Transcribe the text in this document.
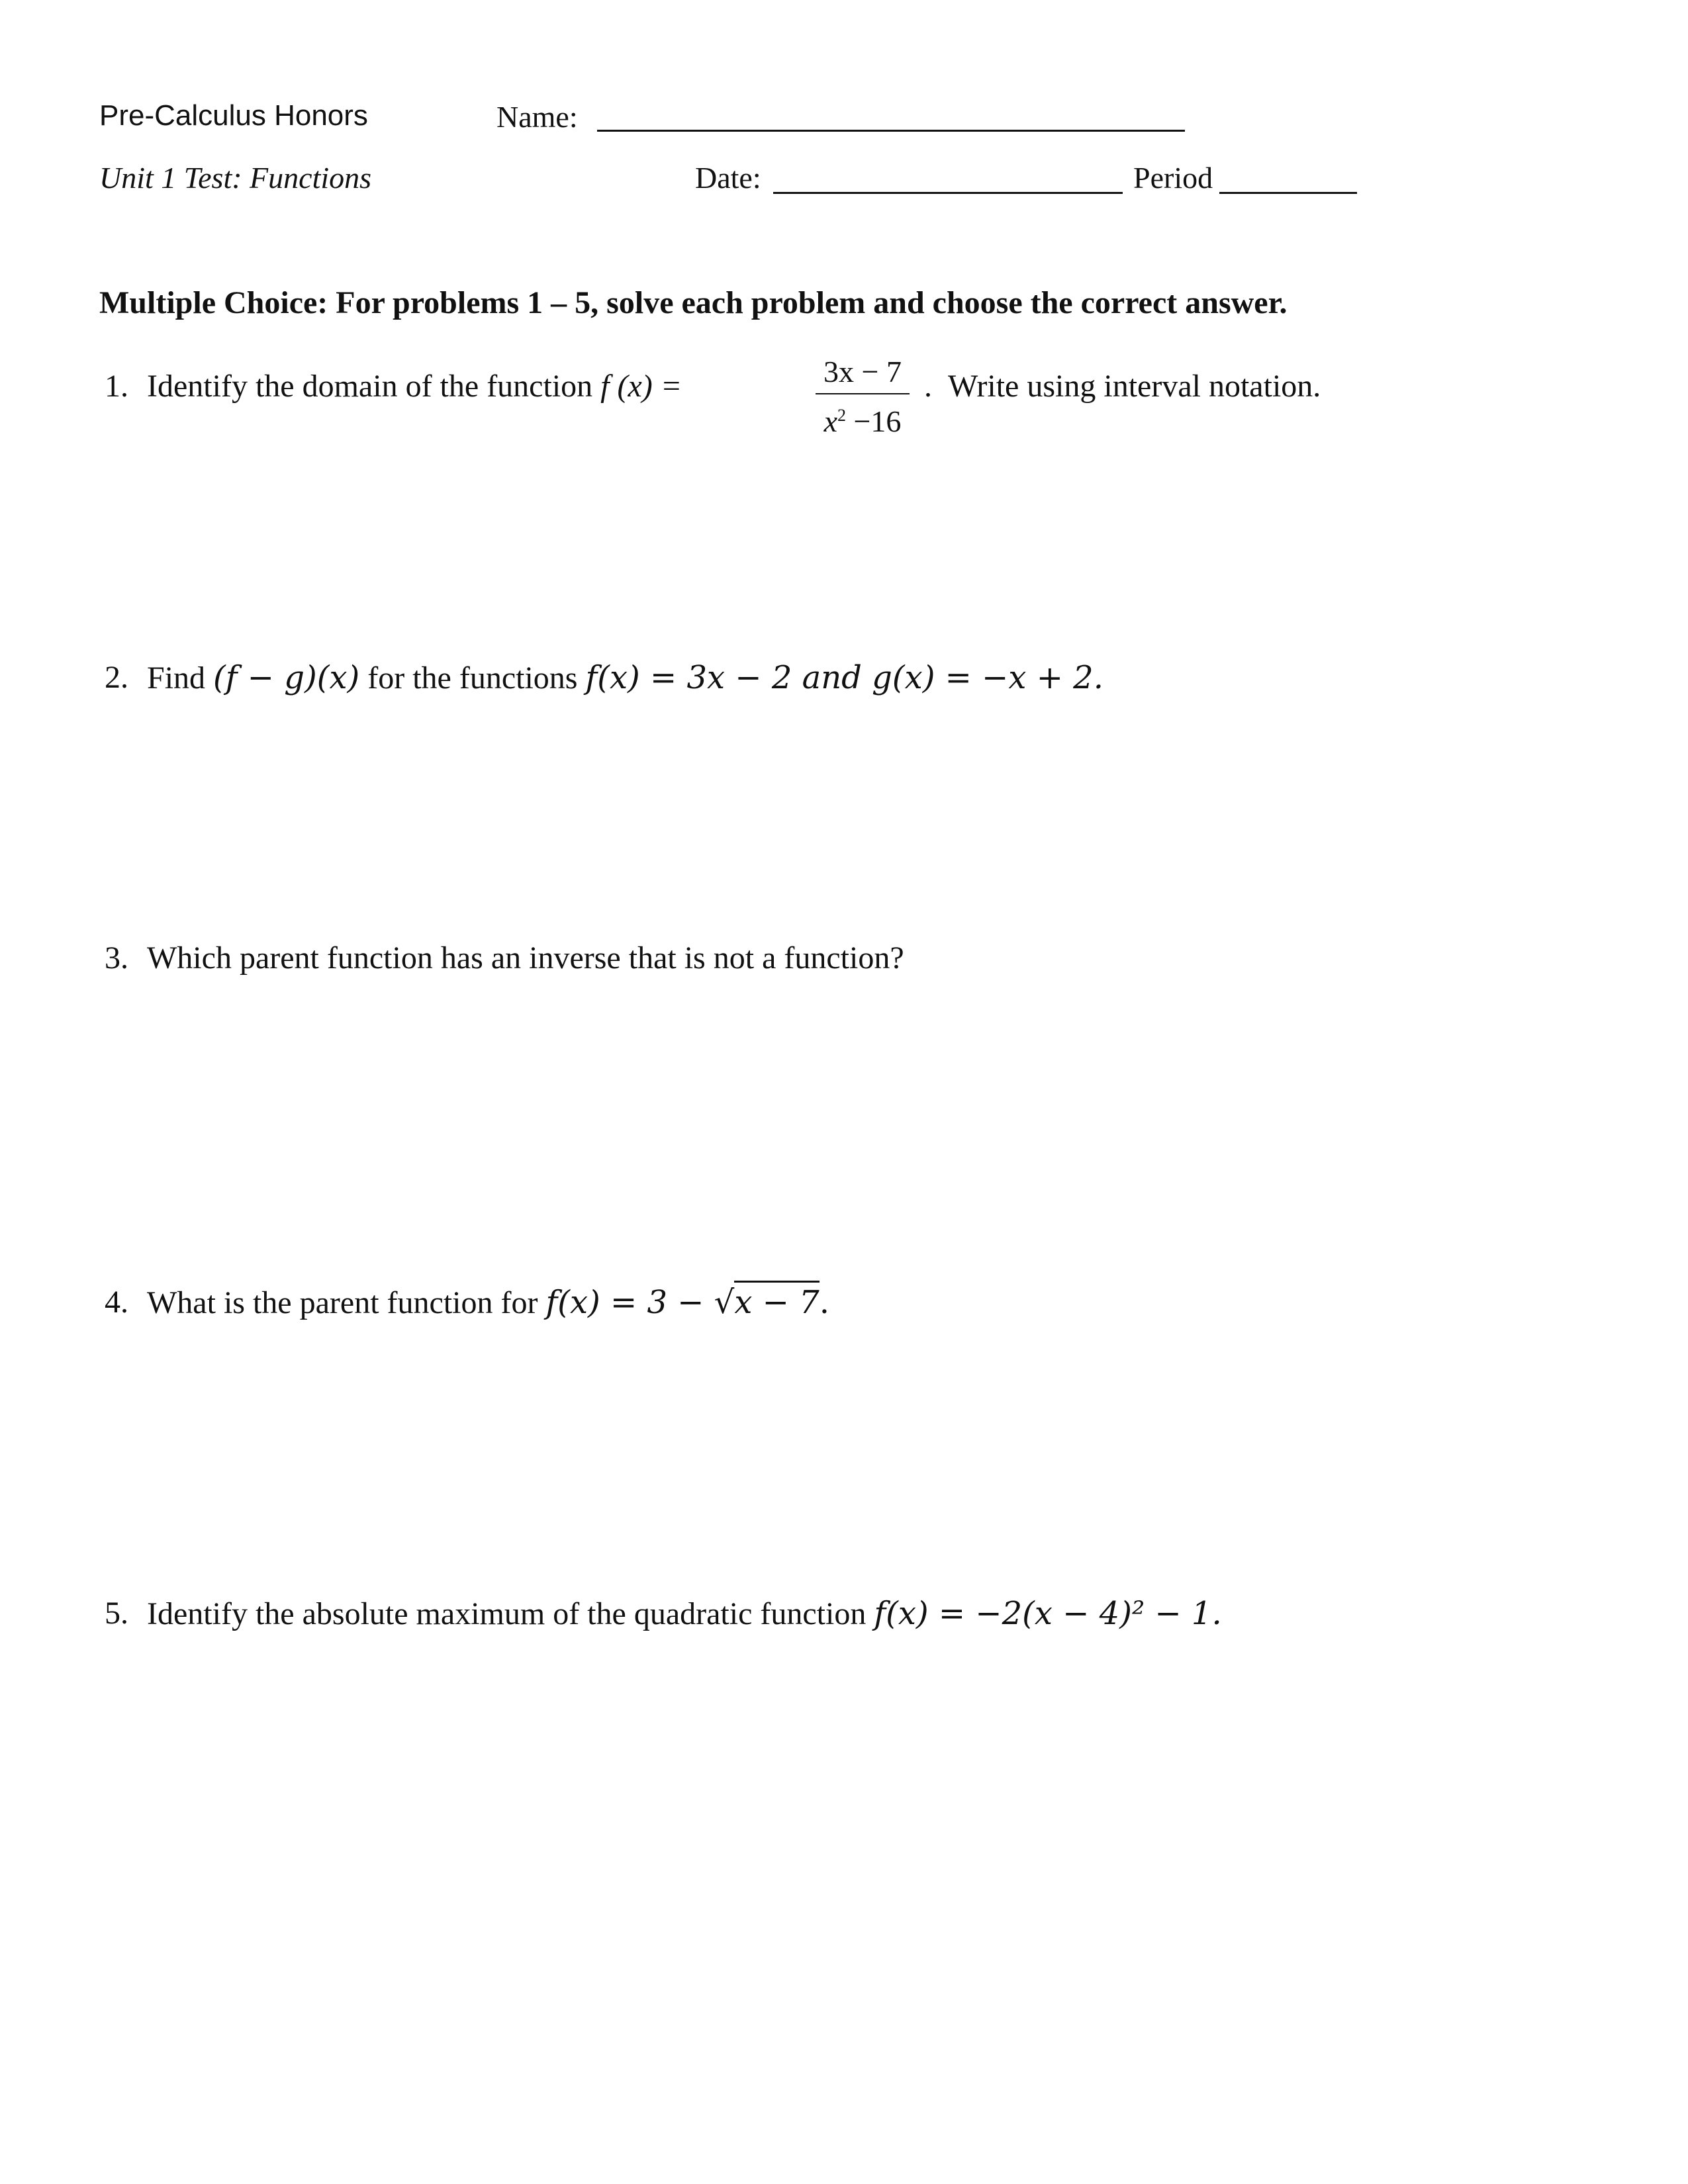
Pre-Calculus Honors
Unit 1 Test: Functions
Name:
Date:	Period
Multiple Choice: For problems 1 – 5, solve each problem and choose the correct answer.
1. Identify the domain of the function f (x) =	3x − 7
$x^2 -16$
. Write using interval notation.
2. Find (f − g)(x) for the functions f(x) = 3x − 2 and g(x) = −x + 2.
3. Which parent function has an inverse that is not a function?
4. What is the parent function for f(x) = 3 − √x − 7.
5. Identify the absolute maximum of the quadratic function f(x) = −2(x − 4)² − 1.
